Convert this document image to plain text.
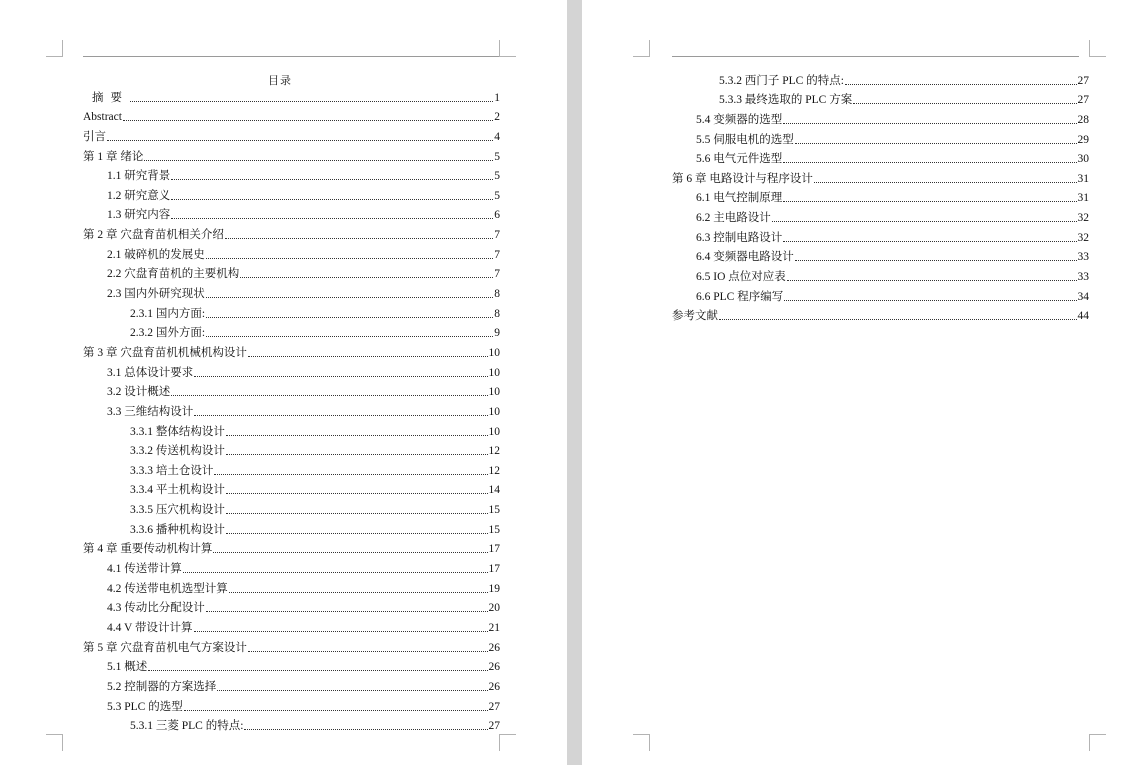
目录
摘要	1
Abstract	2
引言	4
第 1 章 绪论	5
1.1 研究背景	5
1.2 研究意义	5
1.3 研究内容	6
第 2 章 穴盘育苗机相关介绍	7
2.1 破碎机的发展史	7
2.2 穴盘育苗机的主要机构	7
2.3 国内外研究现状	8
2.3.1 国内方面:	8
2.3.2 国外方面:	9
第 3 章 穴盘育苗机机械机构设计	10
3.1 总体设计要求	10
3.2 设计概述	10
3.3 三维结构设计	10
3.3.1 整体结构设计	10
3.3.2 传送机构设计	12
3.3.3 培土仓设计	12
3.3.4 平土机构设计	14
3.3.5 压穴机构设计	15
3.3.6 播种机构设计	15
第 4 章 重要传动机构计算	17
4.1 传送带计算	17
4.2 传送带电机选型计算	19
4.3 传动比分配设计	20
4.4 V 带设计计算	21
第 5 章 穴盘育苗机电气方案设计	26
5.1 概述	26
5.2 控制器的方案选择	26
5.3 PLC 的选型	27
5.3.1 三菱 PLC 的特点:	27
5.3.2 西门子 PLC 的特点:	27
5.3.3 最终选取的 PLC 方案	27
5.4 变频器的选型	28
5.5 伺服电机的选型	29
5.6 电气元件选型	30
第 6 章 电路设计与程序设计	31
6.1 电气控制原理	31
6.2 主电路设计	32
6.3 控制电路设计	32
6.4 变频器电路设计	33
6.5 IO 点位对应表	33
6.6 PLC 程序编写	34
参考文献	44
